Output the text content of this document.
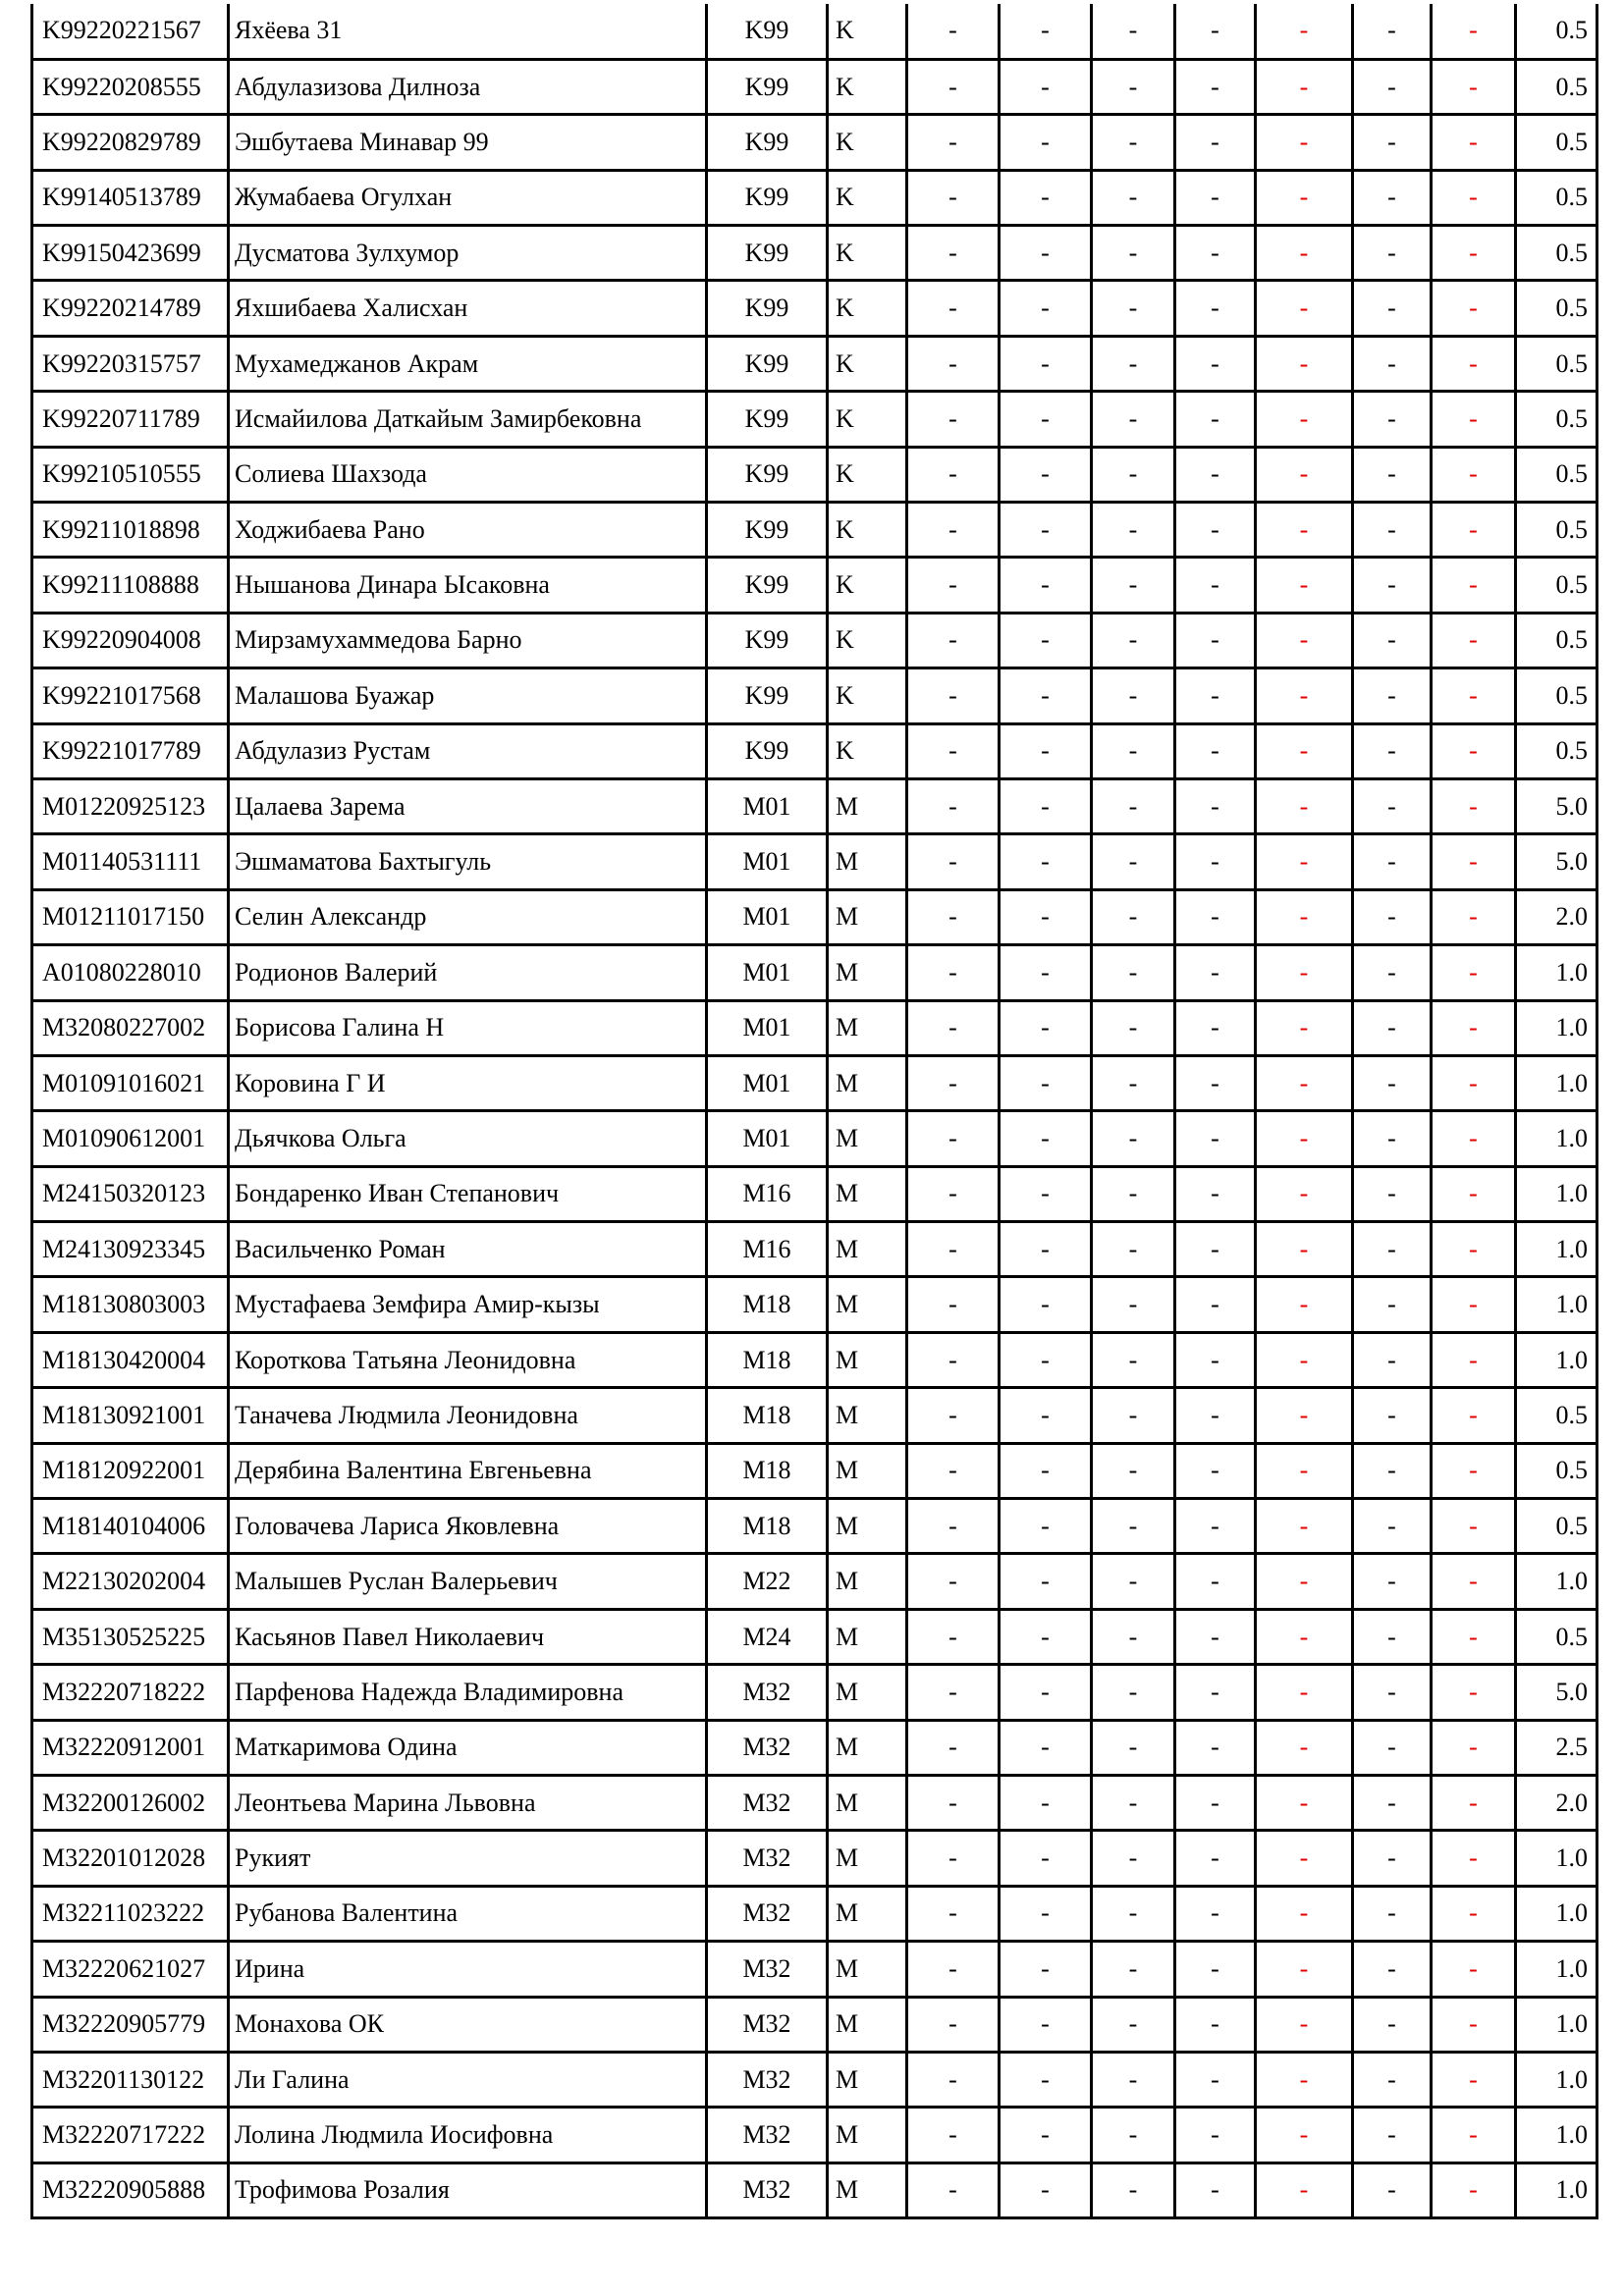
K99220221567	Яхёева 31	K99	K	-	-	-	-	-	-	-	0.5
K99220208555	Абдулазизова Дилноза	K99	K	-	-	-	-	-	-	-	0.5
K99220829789	Эшбутаева Минавар 99	K99	K	-	-	-	-	-	-	-	0.5
K99140513789	Жумабаева Огулхан	K99	K	-	-	-	-	-	-	-	0.5
K99150423699	Дусматова Зулхумор	K99	K	-	-	-	-	-	-	-	0.5
K99220214789	Яхшибаева Халисхан	K99	K	-	-	-	-	-	-	-	0.5
K99220315757	Мухамеджанов Акрам	K99	K	-	-	-	-	-	-	-	0.5
K99220711789	Исмайилова Даткайым Замирбековна	K99	K	-	-	-	-	-	-	-	0.5
K99210510555	Солиева Шахзода	K99	K	-	-	-	-	-	-	-	0.5
K99211018898	Ходжибаева Рано	K99	K	-	-	-	-	-	-	-	0.5
K99211108888	Нышанова Динара Ысаковна	K99	K	-	-	-	-	-	-	-	0.5
K99220904008	Мирзамухаммедова Барно	K99	K	-	-	-	-	-	-	-	0.5
K99221017568	Малашова Буажар	K99	K	-	-	-	-	-	-	-	0.5
K99221017789	Абдулазиз Рустам	K99	K	-	-	-	-	-	-	-	0.5
M01220925123	Цалаева Зарема	M01	M	-	-	-	-	-	-	-	5.0
M01140531111	Эшмаматова Бахтыгуль	M01	M	-	-	-	-	-	-	-	5.0
M01211017150	Селин Александр	M01	M	-	-	-	-	-	-	-	2.0
A01080228010	Родионов Валерий	M01	M	-	-	-	-	-	-	-	1.0
M32080227002	Борисова Галина Н	M01	M	-	-	-	-	-	-	-	1.0
M01091016021	Коровина Г И	M01	M	-	-	-	-	-	-	-	1.0
M01090612001	Дьячкова Ольга	M01	M	-	-	-	-	-	-	-	1.0
M24150320123	Бондаренко Иван Степанович	M16	M	-	-	-	-	-	-	-	1.0
M24130923345	Васильченко Роман	M16	M	-	-	-	-	-	-	-	1.0
M18130803003	Мустафаева Земфира Амир-кызы	M18	M	-	-	-	-	-	-	-	1.0
M18130420004	Короткова Татьяна Леонидовна	M18	M	-	-	-	-	-	-	-	1.0
M18130921001	Таначева Людмила Леонидовна	M18	M	-	-	-	-	-	-	-	0.5
M18120922001	Дерябина Валентина Евгеньевна	M18	M	-	-	-	-	-	-	-	0.5
M18140104006	Головачева Лариса Яковлевна	M18	M	-	-	-	-	-	-	-	0.5
M22130202004	Малышев Руслан Валерьевич	M22	M	-	-	-	-	-	-	-	1.0
M35130525225	Касьянов Павел Николаевич	M24	M	-	-	-	-	-	-	-	0.5
M32220718222	Парфенова Надежда Владимировна	M32	M	-	-	-	-	-	-	-	5.0
M32220912001	Маткаримова Одина	M32	M	-	-	-	-	-	-	-	2.5
M32200126002	Леонтьева Марина Львовна	M32	M	-	-	-	-	-	-	-	2.0
M32201012028	Рукият	M32	M	-	-	-	-	-	-	-	1.0
M32211023222	Рубанова Валентина	M32	M	-	-	-	-	-	-	-	1.0
M32220621027	Ирина	M32	M	-	-	-	-	-	-	-	1.0
M32220905779	Монахова ОК	M32	M	-	-	-	-	-	-	-	1.0
M32201130122	Ли Галина	M32	M	-	-	-	-	-	-	-	1.0
M32220717222	Лолина Людмила Иосифовна	M32	M	-	-	-	-	-	-	-	1.0
M32220905888	Трофимова Розалия	M32	M	-	-	-	-	-	-	-	1.0
